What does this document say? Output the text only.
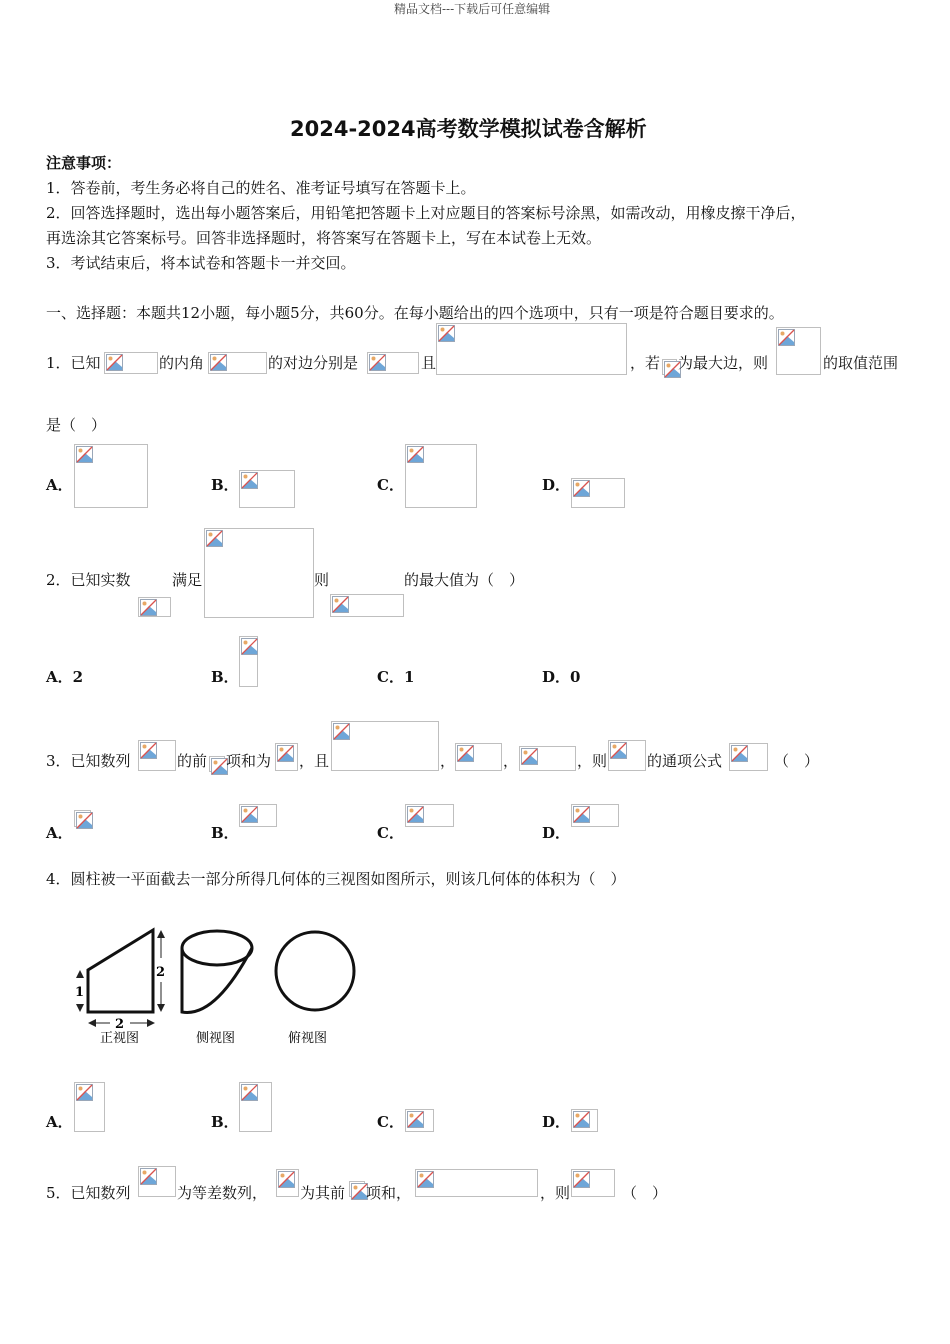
精品文档---下载后可任意编辑
2024-2024高考数学模拟试卷含解析
注意事项：
1．答卷前，考生务必将自己的姓名、准考证号填写在答题卡上。
2．回答选择题时，选出每小题答案后，用铅笔把答题卡上对应题目的答案标号涂黑，如需改动，用橡皮擦干净后，
再选涂其它答案标号。回答非选择题时，将答案写在答题卡上，写在本试卷上无效。
3．考试结束后，将本试卷和答题卡一并交回。
一、选择题：本题共12小题，每小题5分，共60分。在每小题给出的四个选项中，只有一项是符合题目要求的。
1．已知	的内角	的对边分别是	且	，若 为最大边，则	的取值范围
是（　）
A．	B．	C．	D．
2．已知实数	满足	则	的最大值为（　）
A．2	B．	C．1	D．0
3．已知数列	的前 项和为 ，且	，	，	，则	的通项公式	（　）
A．	B．	C．	D．
4．圆柱被一平面截去一部分所得几何体的三视图如图所示，则该几何体的体积为（　）
1
2
2
正视图	侧视图	俯视图
A．	B．	C．	D．
5．已知数列	为等差数列， 为其前 项和，	，则	（　）
